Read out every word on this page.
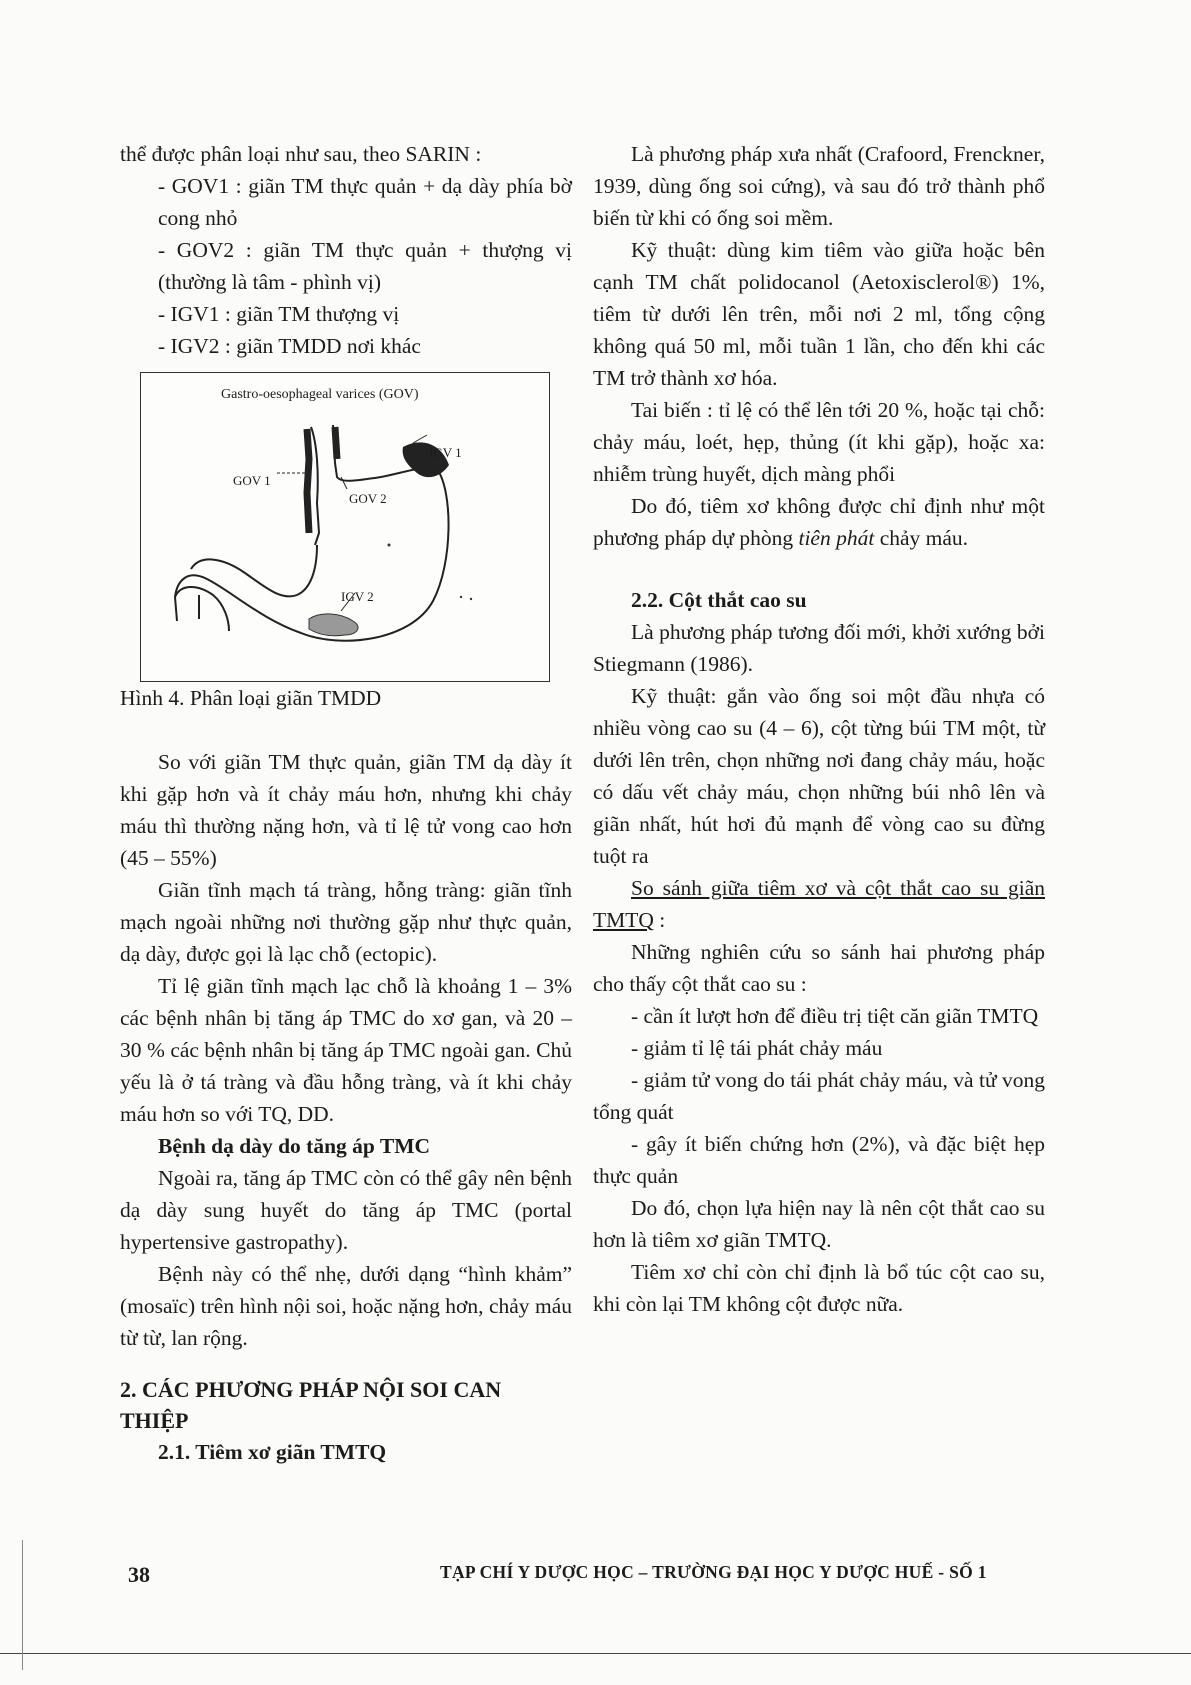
thể được phân loại như sau, theo SARIN :

- GOV1 : giãn TM thực quản + dạ dày phía bờ cong nhỏ

- GOV2 : giãn TM thực quản + thượng vị (thường là tâm - phình vị)

- IGV1 : giãn TM thượng vị

- IGV2 : giãn TMDD nơi khác

Gastro-oesophageal varices (GOV)
GOV 1
GOV 2
IGV 1
IGV 2

Hình 4. Phân loại giãn TMDD

So với giãn TM thực quản, giãn TM dạ dày ít khi gặp hơn và ít chảy máu hơn, nhưng khi chảy máu thì thường nặng hơn, và tỉ lệ tử vong cao hơn (45 – 55%)

Giãn tĩnh mạch tá tràng, hỗng tràng: giãn tĩnh mạch ngoài những nơi thường gặp như thực quản, dạ dày, được gọi là lạc chỗ (ectopic).

Tỉ lệ giãn tĩnh mạch lạc chỗ là khoảng 1 – 3% các bệnh nhân bị tăng áp TMC do xơ gan, và 20 – 30 % các bệnh nhân bị tăng áp TMC ngoài gan. Chủ yếu là ở tá tràng và đầu hỗng tràng, và ít khi chảy máu hơn so với TQ, DD.

Bệnh dạ dày do tăng áp TMC

Ngoài ra, tăng áp TMC còn có thể gây nên bệnh dạ dày sung huyết do tăng áp TMC (portal hypertensive gastropathy).

Bệnh này có thể nhẹ, dưới dạng “hình khảm” (mosaïc) trên hình nội soi, hoặc nặng hơn, chảy máu từ từ, lan rộng.

2. CÁC PHƯƠNG PHÁP NỘI SOI CAN THIỆP

2.1. Tiêm xơ giãn TMTQ

Là phương pháp xưa nhất (Crafoord, Frenckner, 1939, dùng ống soi cứng), và sau đó trở thành phổ biến từ khi có ống soi mềm.

Kỹ thuật: dùng kim tiêm vào giữa hoặc bên cạnh TM chất polidocanol (Aetoxisclerol®) 1%, tiêm từ dưới lên trên, mỗi nơi 2 ml, tổng cộng không quá 50 ml, mỗi tuần 1 lần, cho đến khi các TM trở thành xơ hóa.

Tai biến : tỉ lệ có thể lên tới 20 %, hoặc tại chỗ: chảy máu, loét, hẹp, thủng (ít khi gặp), hoặc xa: nhiễm trùng huyết, dịch màng phổi

Do đó, tiêm xơ không được chỉ định như một phương pháp dự phòng tiên phát chảy máu.

2.2. Cột thắt cao su

Là phương pháp tương đối mới, khởi xướng bởi Stiegmann (1986).

Kỹ thuật: gắn vào ống soi một đầu nhựa có nhiều vòng cao su (4 – 6), cột từng búi TM một, từ dưới lên trên, chọn những nơi đang chảy máu, hoặc có dấu vết chảy máu, chọn những búi nhô lên và giãn nhất, hút hơi đủ mạnh để vòng cao su đừng tuột ra

So sánh giữa tiêm xơ và cột thắt cao su giãn TMTQ :

Những nghiên cứu so sánh hai phương pháp cho thấy cột thắt cao su :

- cần ít lượt hơn để điều trị tiệt căn giãn TMTQ

- giảm tỉ lệ tái phát chảy máu

- giảm tử vong do tái phát chảy máu, và tử vong tổng quát

- gây ít biến chứng hơn (2%), và đặc biệt hẹp thực quản

Do đó, chọn lựa hiện nay là nên cột thắt cao su hơn là tiêm xơ giãn TMTQ.

Tiêm xơ chỉ còn chỉ định là bổ túc cột cao su, khi còn lại TM không cột được nữa.

38	TẠP CHÍ Y DƯỢC HỌC – TRƯỜNG ĐẠI HỌC Y DƯỢC HUẾ - SỐ 1
